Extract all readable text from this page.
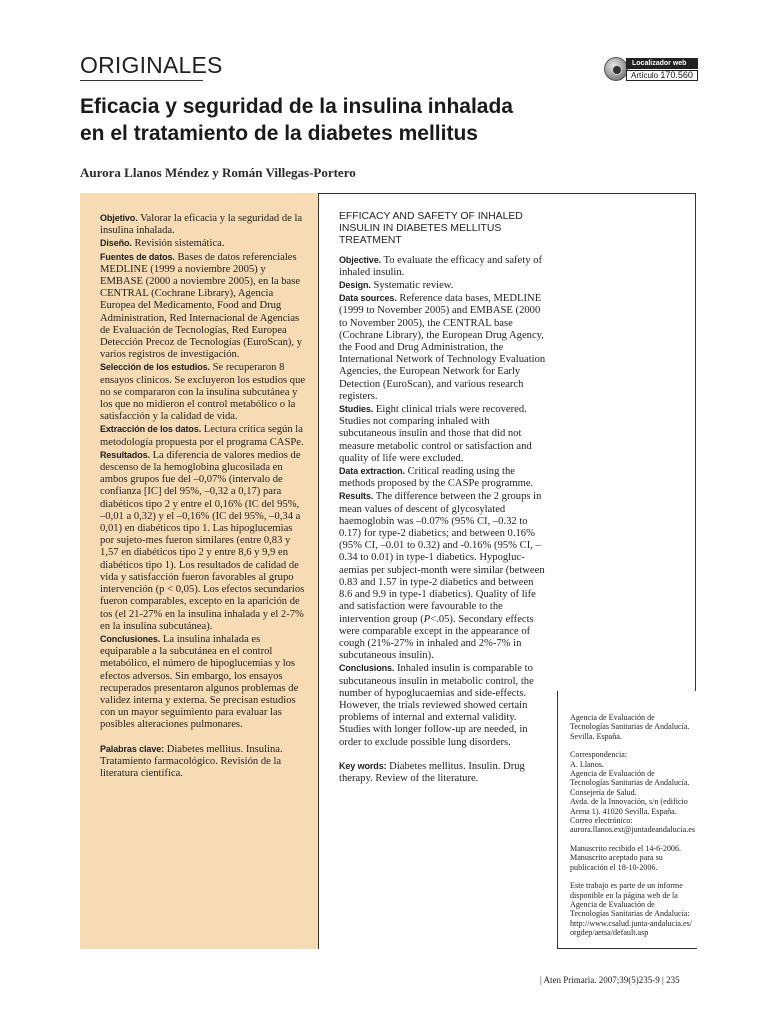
ORIGINALES	Localizador web
Artículo 170.560
Eficacia y seguridad de la insulina inhalada
en el tratamiento de la diabetes mellitus
Aurora Llanos Méndez y Román Villegas-Portero

Objetivo. Valorar la eficacia y la seguridad de la insulina inhalada.

Diseño. Revisión sistemática.

Fuentes de datos. Bases de datos referenciales MEDLINE (1999 a noviembre 2005) y EMBASE (2000 a noviembre 2005), en la base CENTRAL (Cochrane Library), Agencia Europea del Medicamento, Food and Drug Administration, Red Internacional de Agencias de Evaluación de Tecnologías, Red Europea Detección Precoz de Tecnologías (EuroScan), y varios registros de investigación.

Selección de los estudios. Se recuperaron 8 ensayos clínicos. Se excluyeron los estudios que no se compararon con la insulina subcutánea y los que no midieron el control metabólico o la satisfacción y la calidad de vida.

Extracción de los datos. Lectura crítica según la metodología propuesta por el programa CASPe.

Resultados. La diferencia de valores medios de descenso de la hemoglobina glucosilada en ambos grupos fue del –0,07% (intervalo de confianza [IC] del 95%, –0,32 a 0,17) para diabéticos tipo 2 y entre el 0,16% (IC del 95%, –0,01 a 0,32) y el –0,16% (IC del 95%, –0,34 a 0,01) en diabéticos tipo 1. Las hipoglucemias por sujeto-mes fueron similares (entre 0,83 y 1,57 en diabéticos tipo 2 y entre 8,6 y 9,9 en diabéticos tipo 1). Los resultados de calidad de vida y satisfacción fueron favorables al grupo intervención (p < 0,05). Los efectos secundarios fueron comparables, excepto en la aparición de tos (el 21-27% en la insulina inhalada y el 2-7% en la insulina subcutánea).

Conclusiones. La insulina inhalada es equiparable a la subcutánea en el control metabólico, el número de hipoglucemias y los efectos adversos. Sin embargo, los ensayos recuperados presentaron algunos problemas de validez interna y externa. Se precisan estudios con un mayor seguimiento para evaluar las posibles alteraciones pulmonares.

Palabras clave: Diabetes mellitus. Insulina. Tratamiento farmacológico. Revisión de la literatura científica.

EFFICACY AND SAFETY OF INHALED
INSULIN IN DIABETES MELLITUS
TREATMENT

Objective. To evaluate the efficacy and safety of inhaled insulin.

Design. Systematic review.

Data sources. Reference data bases, MEDLINE (1999 to November 2005) and EMBASE (2000 to November 2005), the CENTRAL base (Cochrane Library), the European Drug Agency, the Food and Drug Administration, the International Network of Technology Evaluation Agencies, the European Network for Early Detection (EuroScan), and various research registers.

Studies. Eight clinical trials were recovered. Studies not comparing inhaled with subcutaneous insulin and those that did not measure metabolic control or satisfaction and quality of life were excluded.

Data extraction. Critical reading using the methods proposed by the CASPe programme.

Results. The difference between the 2 groups in mean values of descent of glycosylated haemoglobin was –0.07% (95% CI, –0.32 to 0.17) for type-2 diabetics; and between 0.16% (95% CI, –0.01 to 0.32) and -0.16% (95% CI, –0.34 to 0.01) in type-1 diabetics. Hypoglucaemias per subject-month were similar (between 0.83 and 1.57 in type-2 diabetics and between 8.6 and 9.9 in type-1 diabetics). Quality of life and satisfaction were favourable to the intervention group (P<.05). Secondary effects were comparable except in the appearance of cough (21%-27% in inhaled and 2%-7% in subcutaneous insulin).

Conclusions. Inhaled insulin is comparable to subcutaneous insulin in metabolic control, the number of hypoglucaemias and side-effects. However, the trials reviewed showed certain problems of internal and external validity. Studies with longer follow-up are needed, in order to exclude possible lung disorders.

Key words: Diabetes mellitus. Insulin. Drug therapy. Review of the literature.

Agencia de Evaluación de Tecnologías Sanitarias de Andalucía. Sevilla. España.
Correspondencia:
A. Llanos.
Agencia de Evaluación de Tecnologías Sanitarias de Andalucía. Consejería de Salud.
Avda. de la Innovación, s/n (edificio Arena 1). 41020 Sevilla. España.
Correo electrónico:
aurora.llanos.ext@juntadeandalucia.es
Manuscrito recibido el 14-6-2006.
Manuscrito aceptado para su publicación el 18-10-2006.
Este trabajo es parte de un informe disponible en la página web de la Agencia de Evaluación de Tecnologías Sanitarias de Andalucía:
http://www.csalud.junta-andalucia.es/orgdep/aetsa/default.asp
| Aten Primaria. 2007;39(5)235-9 | 235
